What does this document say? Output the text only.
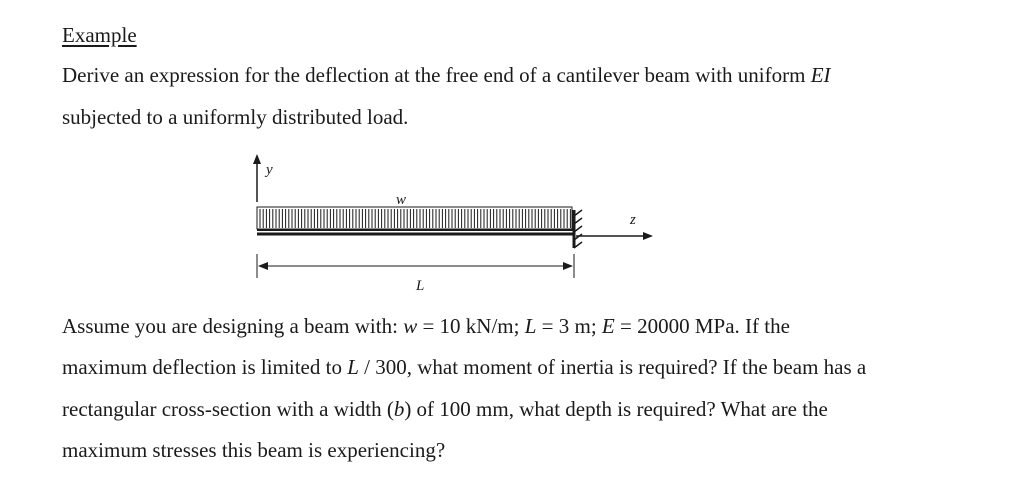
Example
Derive an expression for the deflection at the free end of a cantilever beam with uniform EI
subjected to a uniformly distributed load.
y
w
z
L
Assume you are designing a beam with: w = 10 kN/m; L = 3 m; E = 20000 MPa. If the
maximum deflection is limited to L / 300, what moment of inertia is required? If the beam has a
rectangular cross-section with a width (b) of 100 mm, what depth is required? What are the
maximum stresses this beam is experiencing?
